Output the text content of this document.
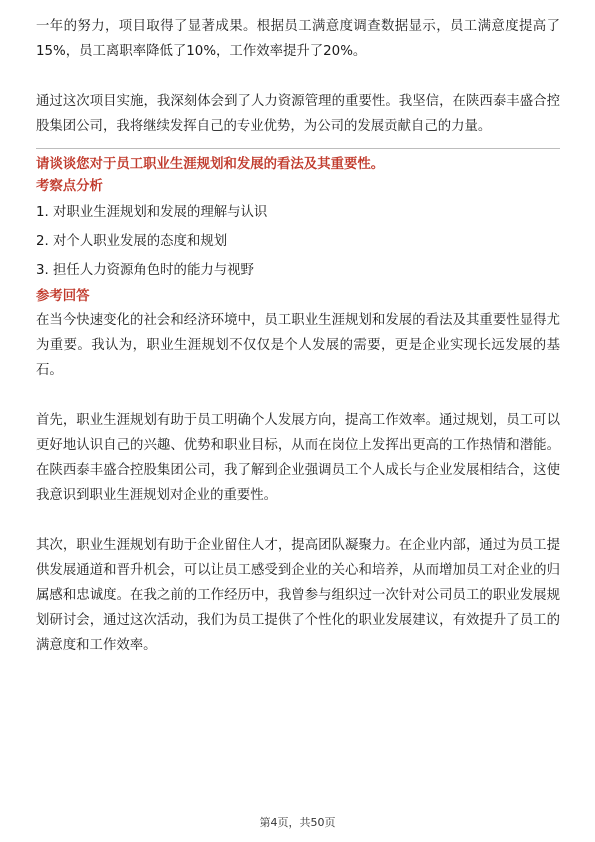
一年的努力，项目取得了显著成果。根据员工满意度调查数据显示，员工满意度提高了15%，员工离职率降低了10%，工作效率提升了20%。

通过这次项目实施，我深刻体会到了人力资源管理的重要性。我坚信，在陕西泰丰盛合控股集团公司，我将继续发挥自己的专业优势，为公司的发展贡献自己的力量。

请谈谈您对于员工职业生涯规划和发展的看法及其重要性。
考察点分析
1. 对职业生涯规划和发展的理解与认识
2. 对个人职业发展的态度和规划
3. 担任人力资源角色时的能力与视野
参考回答

在当今快速变化的社会和经济环境中，员工职业生涯规划和发展的看法及其重要性显得尤为重要。我认为，职业生涯规划不仅仅是个人发展的需要，更是企业实现长远发展的基石。

首先，职业生涯规划有助于员工明确个人发展方向，提高工作效率。通过规划，员工可以更好地认识自己的兴趣、优势和职业目标，从而在岗位上发挥出更高的工作热情和潜能。在陕西泰丰盛合控股集团公司，我了解到企业强调员工个人成长与企业发展相结合，这使我意识到职业生涯规划对企业的重要性。

其次，职业生涯规划有助于企业留住人才，提高团队凝聚力。在企业内部，通过为员工提供发展通道和晋升机会，可以让员工感受到企业的关心和培养，从而增加员工对企业的归属感和忠诚度。在我之前的工作经历中，我曾参与组织过一次针对公司员工的职业发展规划研讨会，通过这次活动，我们为员工提供了个性化的职业发展建议，有效提升了员工的满意度和工作效率。

第4页，共50页
